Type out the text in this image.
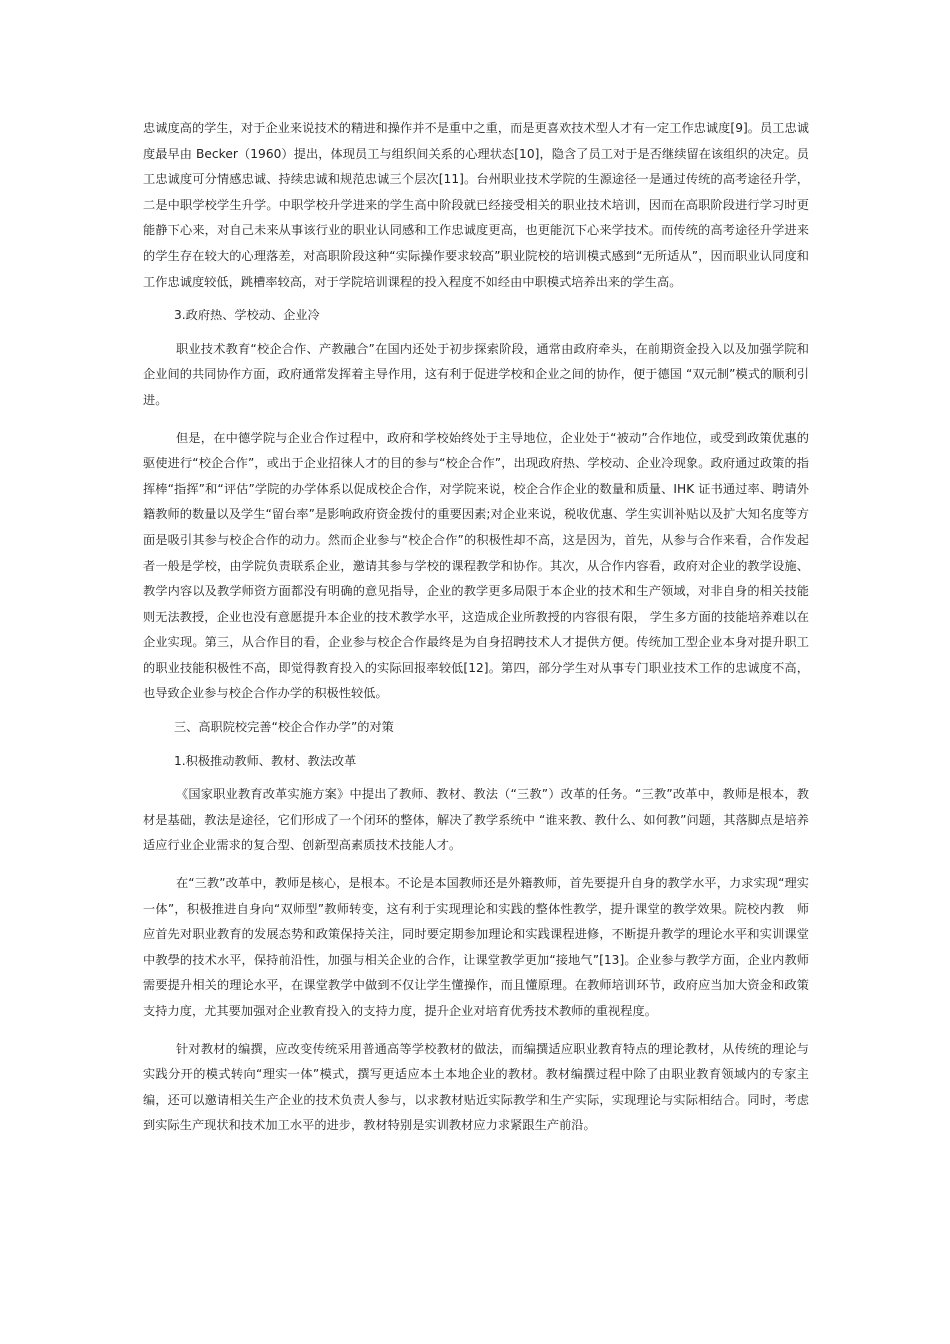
忠诚度高的学生，对于企业来说技术的精进和操作并不是重中之重，而是更喜欢技术型人才有一定工作忠诚度[9]。员工忠诚度最早由 Becker（1960）提出，体现员工与组织间关系的心理状态[10]，隐含了员工对于是否继续留在该组织的决定。员工忠诚度可分情感忠诚、持续忠诚和规范忠诚三个层次[11]。台州职业技术学院的生源途径一是通过传统的高考途径升学，二是中职学校学生升学。中职学校升学进来的学生高中阶段就已经接受相关的职业技术培训，因而在高职阶段进行学习时更能静下心来，对自己未来从事该行业的职业认同感和工作忠诚度更高，也更能沉下心来学技术。而传统的高考途径升学进来的学生存在较大的心理落差，对高职阶段这种“实际操作要求较高”职业院校的培训模式感到“无所适从”，因而职业认同度和工作忠诚度较低，跳槽率较高，对于学院培训课程的投入程度不如经由中职模式培养出来的学生高。

3.政府热、学校动、企业冷

职业技术教育“校企合作、产教融合”在国内还处于初步探索阶段，通常由政府牵头，在前期资金投入以及加强学院和企业间的共同协作方面，政府通常发挥着主导作用，这有利于促进学校和企业之间的协作，便于德国 “双元制”模式的顺利引进。

但是，在中德学院与企业合作过程中，政府和学校始终处于主导地位，企业处于“被动”合作地位，或受到政策优惠的驱使进行“校企合作”，或出于企业招徕人才的目的参与“校企合作”，出现政府热、学校动、企业冷现象。政府通过政策的指挥棒“指挥”和“评估”学院的办学体系以促成校企合作，对学院来说，校企合作企业的数量和质量、IHK 证书通过率、聘请外籍教师的数量以及学生“留台率”是影响政府资金拨付的重要因素;对企业来说，税收优惠、学生实训补贴以及扩大知名度等方面是吸引其参与校企合作的动力。然而企业参与“校企合作”的积极性却不高，这是因为，首先，从参与合作来看，合作发起者一般是学校，由学院负责联系企业，邀请其参与学校的课程教学和协作。其次，从合作内容看，政府对企业的教学设施、教学内容以及教学师资方面都没有明确的意见指导，企业的教学更多局限于本企业的技术和生产领域，对非自身的相关技能则无法教授，企业也没有意愿提升本企业的技术教学水平，这造成企业所教授的内容很有限， 学生多方面的技能培养难以在企业实现。第三，从合作目的看，企业参与校企合作最终是为自身招聘技术人才提供方便。传统加工型企业本身对提升职工的职业技能积极性不高，即觉得教育投入的实际回报率较低[12]。第四，部分学生对从事专门职业技术工作的忠诚度不高，也导致企业参与校企合作办学的积极性较低。

三、高职院校完善“校企合作办学”的对策

1.积极推动教师、教材、教法改革

《国家职业教育改革实施方案》中提出了教师、教材、教法（“三教”）改革的任务。“三教”改革中，教师是根本，教材是基础，教法是途径，它们形成了一个闭环的整体，解决了教学系统中 “谁来教、教什么、如何教”问题，其落脚点是培养适应行业企业需求的复合型、创新型高素质技术技能人才。

在“三教”改革中，教师是核心，是根本。不论是本国教师还是外籍教师，首先要提升自身的教学水平，力求实现“理实一体”，积极推进自身向“双师型”教师转变，这有利于实现理论和实践的整体性教学，提升课堂的教学效果。院校内教　师应首先对职业教育的发展态势和政策保持关注，同时要定期参加理论和实践课程进修，不断提升教学的理论水平和实训课堂中教學的技术水平，保持前沿性，加强与相关企业的合作，让课堂教学更加“接地气”[13]。企业参与教学方面，企业内教师需要提升相关的理论水平，在课堂教学中做到不仅让学生懂操作，而且懂原理。在教师培训环节，政府应当加大资金和政策支持力度，尤其要加强对企业教育投入的支持力度，提升企业对培育优秀技术教师的重视程度。

针对教材的编撰，应改变传统采用普通高等学校教材的做法，而编撰适应职业教育特点的理论教材，从传统的理论与实践分开的模式转向“理实一体”模式，撰写更适应本土本地企业的教材。教材编撰过程中除了由职业教育领域内的专家主编，还可以邀请相关生产企业的技术负责人参与，以求教材贴近实际教学和生产实际，实现理论与实际相结合。同时，考虑到实际生产现状和技术加工水平的进步，教材特别是实训教材应力求紧跟生产前沿。
